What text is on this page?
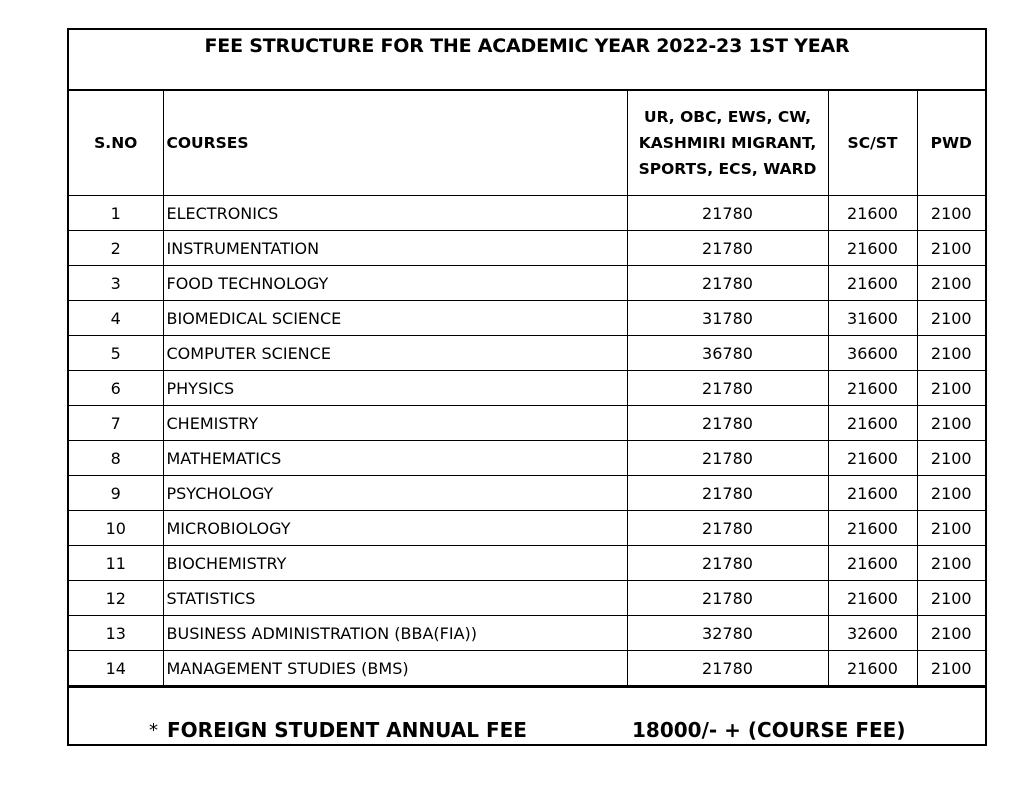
FEE STRUCTURE FOR THE ACADEMIC YEAR 2022-23 1ST YEAR
S.NO	COURSES	UR, OBC, EWS, CW,
KASHMIRI MIGRANT,
SPORTS, ECS, WARD	SC/ST	PWD
1	ELECTRONICS	21780	21600	2100
2	INSTRUMENTATION	21780	21600	2100
3	FOOD TECHNOLOGY	21780	21600	2100
4	BIOMEDICAL SCIENCE	31780	31600	2100
5	COMPUTER SCIENCE	36780	36600	2100
6	PHYSICS	21780	21600	2100
7	CHEMISTRY	21780	21600	2100
8	MATHEMATICS	21780	21600	2100
9	PSYCHOLOGY	21780	21600	2100
10	MICROBIOLOGY	21780	21600	2100
11	BIOCHEMISTRY	21780	21600	2100
12	STATISTICS	21780	21600	2100
13	BUSINESS ADMINISTRATION (BBA(FIA))	32780	32600	2100
14	MANAGEMENT STUDIES (BMS)	21780	21600	2100
* FOREIGN STUDENT ANNUAL FEE	18000/- + (COURSE FEE)
